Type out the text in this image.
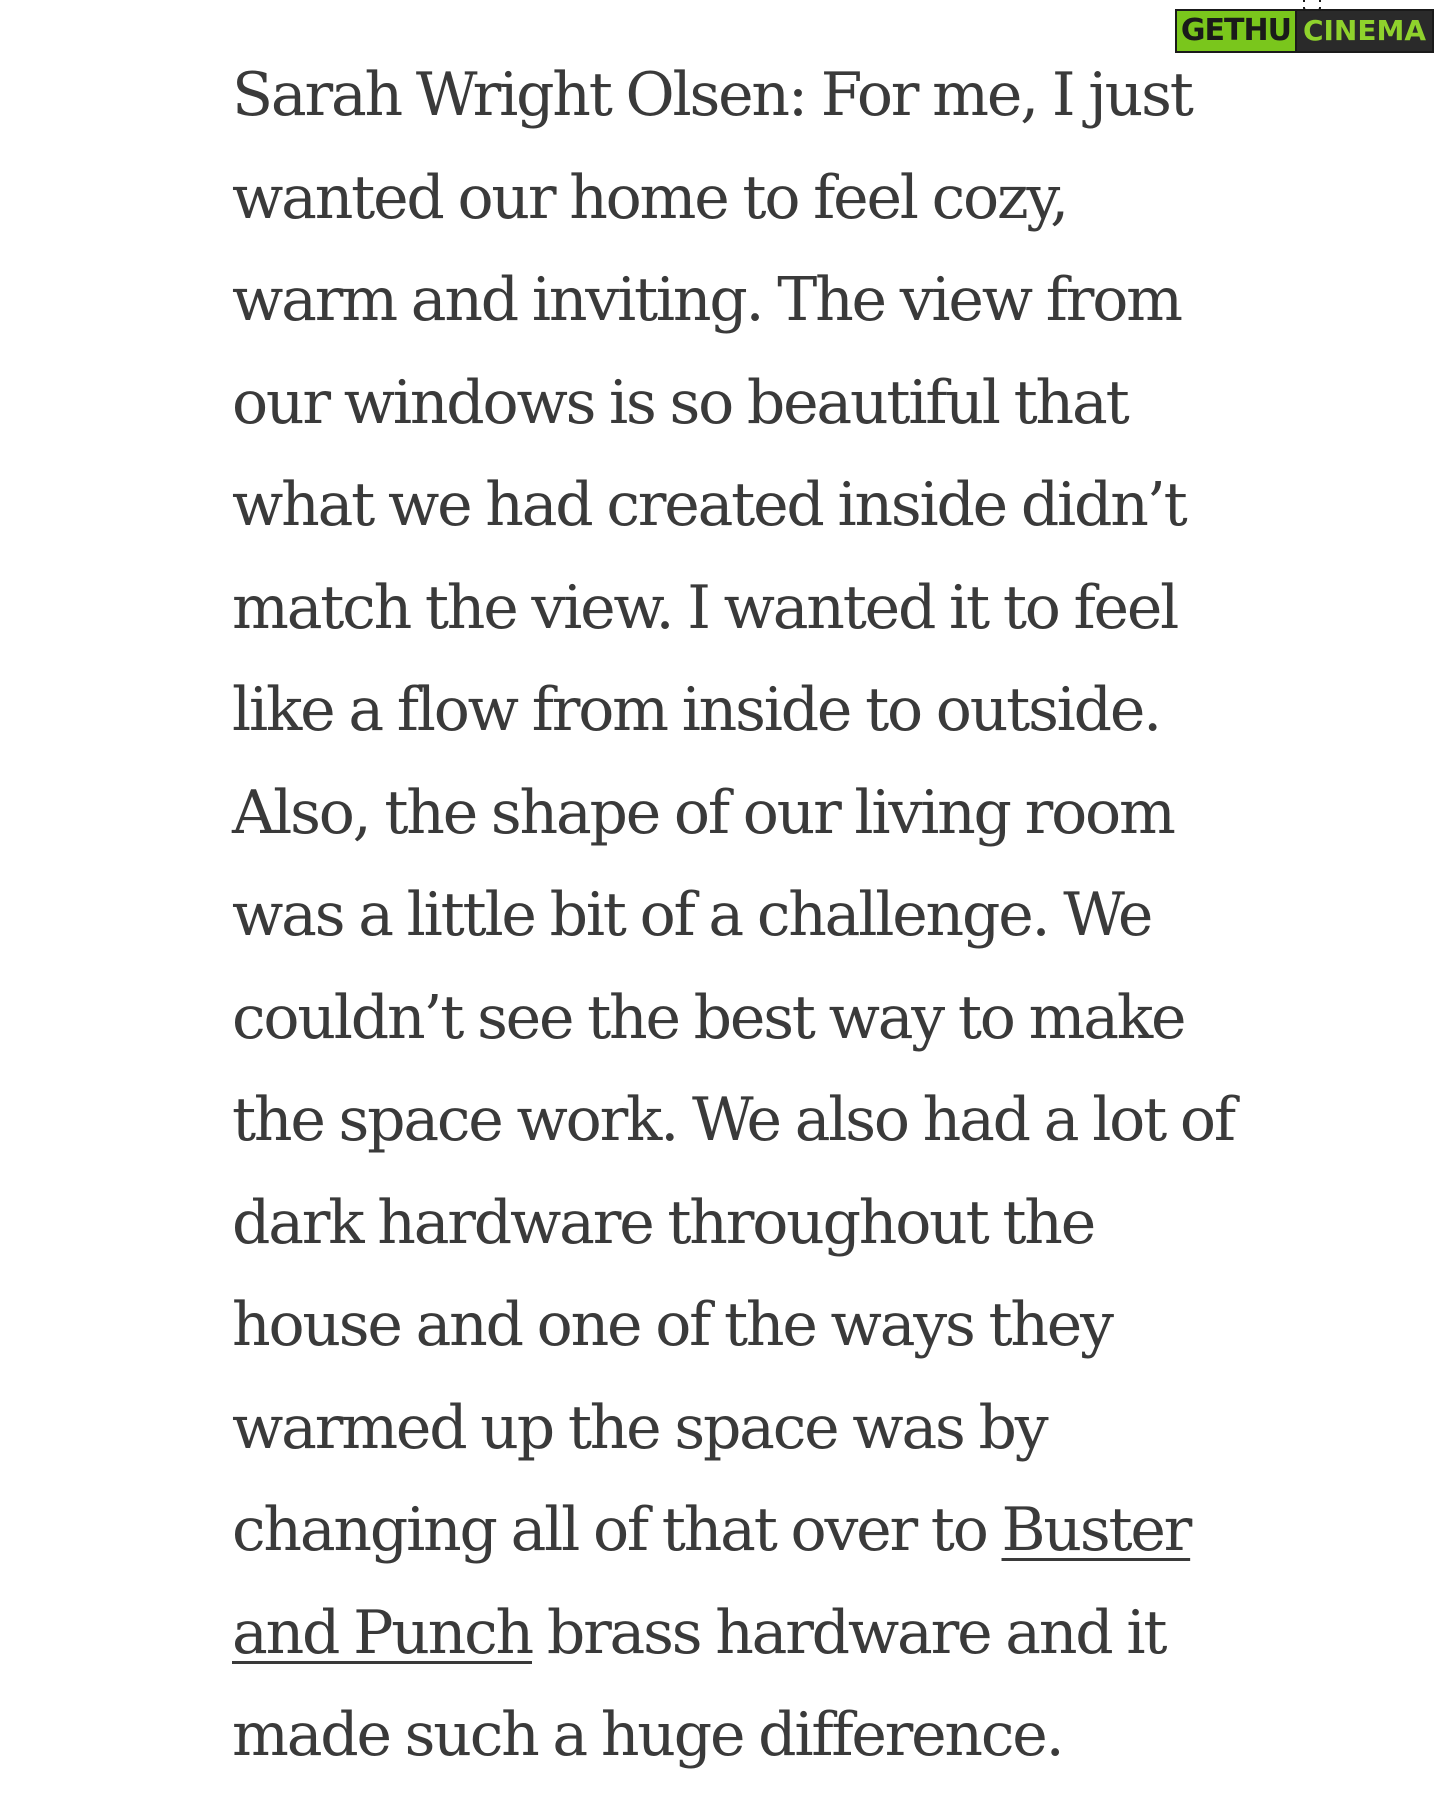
GETHU CINEMA

Sarah Wright Olsen: For me, I just
wanted our home to feel cozy,
warm and inviting. The view from
our windows is so beautiful that
what we had created inside didn’t
match the view. I wanted it to feel
like a flow from inside to outside.
Also, the shape of our living room
was a little bit of a challenge. We
couldn’t see the best way to make
the space work. We also had a lot of
dark hardware throughout the
house and one of the ways they
warmed up the space was by
changing all of that over to Buster
and Punch brass hardware and it
made such a huge difference.
